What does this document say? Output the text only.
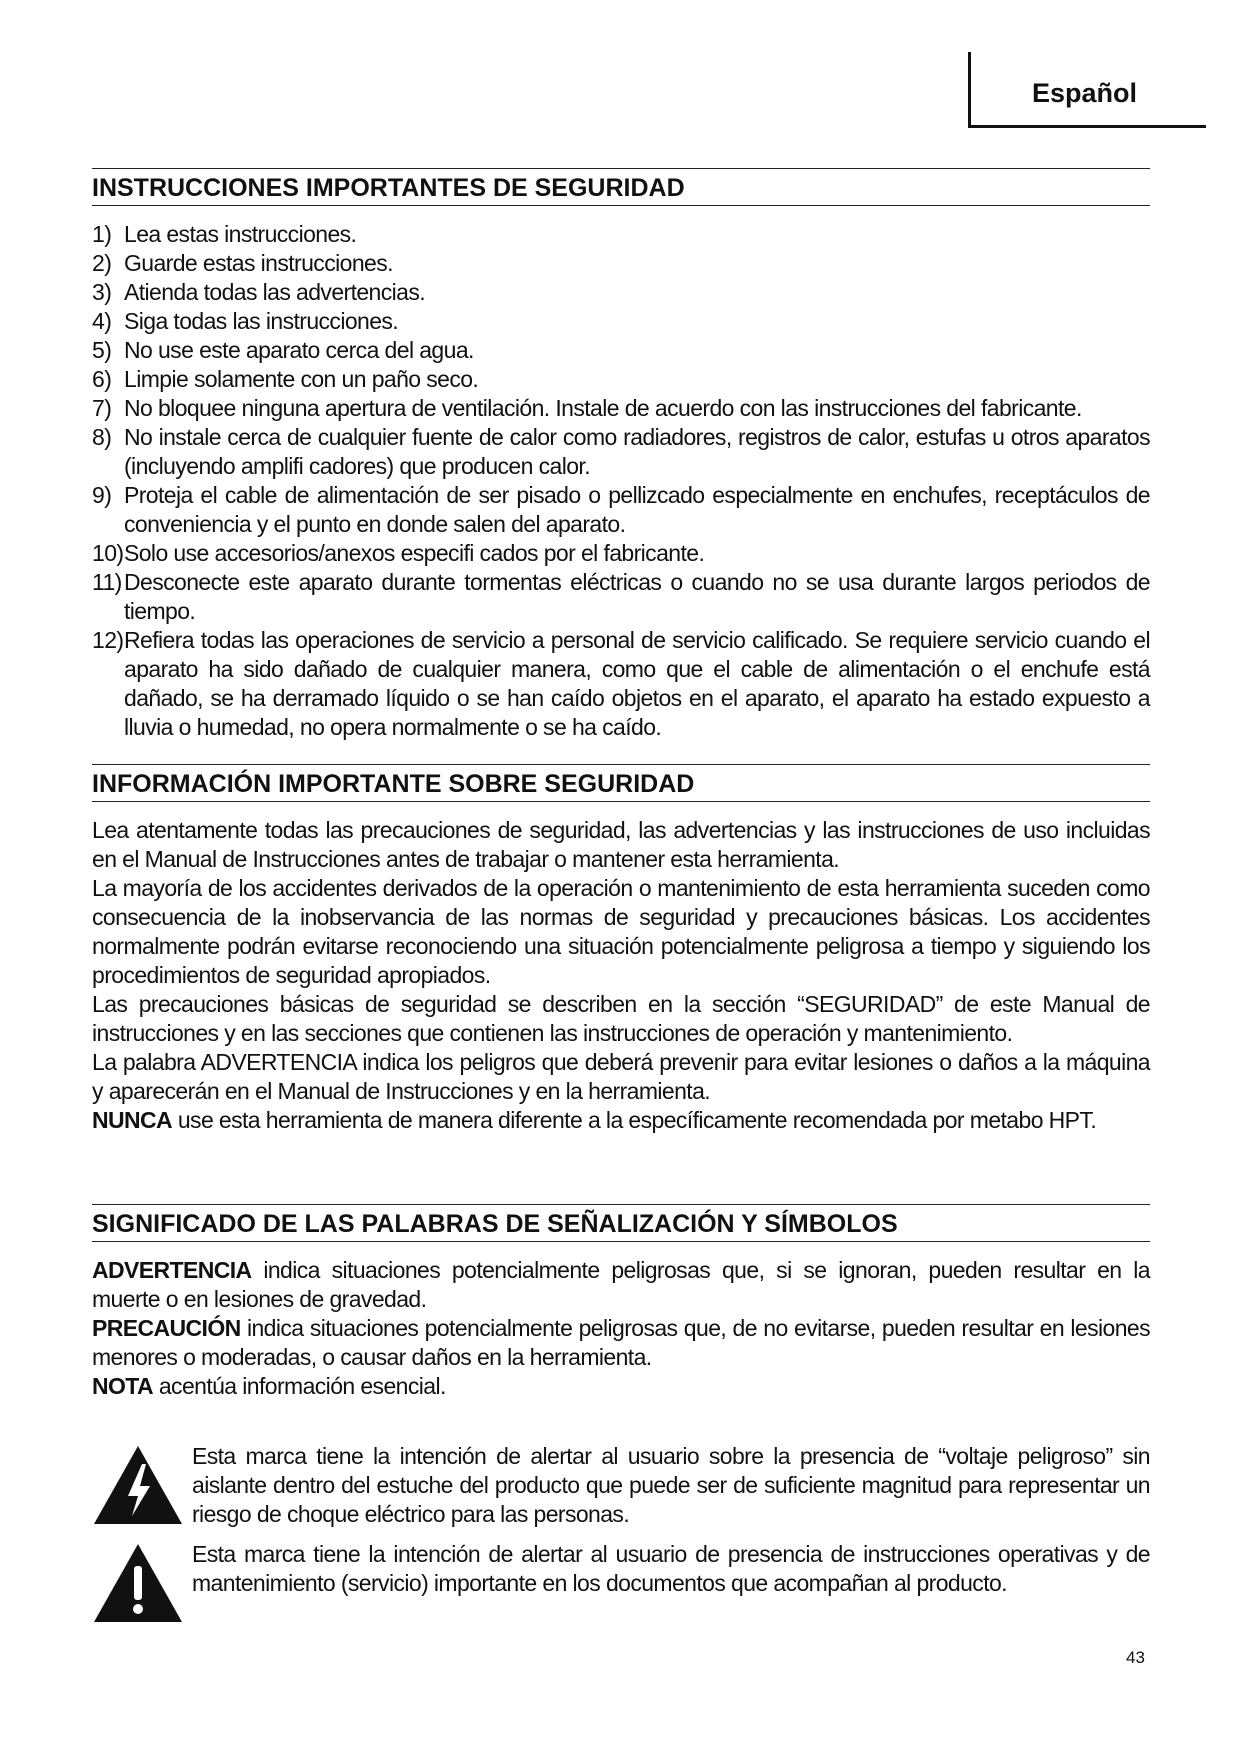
Español
INSTRUCCIONES IMPORTANTES DE SEGURIDAD
1) Lea estas instrucciones.
2) Guarde estas instrucciones.
3) Atienda todas las advertencias.
4) Siga todas las instrucciones.
5) No use este aparato cerca del agua.
6) Limpie solamente con un paño seco.
7) No bloquee ninguna apertura de ventilación. Instale de acuerdo con las instrucciones del fabricante.
8) No instale cerca de cualquier fuente de calor como radiadores, registros de calor, estufas u otros aparatos (incluyendo amplifi cadores) que producen calor.
9) Proteja el cable de alimentación de ser pisado o pellizcado especialmente en enchufes, receptáculos de conveniencia y el punto en donde salen del aparato.
10) Solo use accesorios/anexos especifi cados por el fabricante.
11) Desconecte este aparato durante tormentas eléctricas o cuando no se usa durante largos periodos de tiempo.
12) Refiera todas las operaciones de servicio a personal de servicio calificado. Se requiere servicio cuando el aparato ha sido dañado de cualquier manera, como que el cable de alimentación o el enchufe está dañado, se ha derramado líquido o se han caído objetos en el aparato, el aparato ha estado expuesto a lluvia o humedad, no opera normalmente o se ha caído.
INFORMACIÓN IMPORTANTE SOBRE SEGURIDAD

Lea atentamente todas las precauciones de seguridad, las advertencias y las instrucciones de uso incluidas en el Manual de Instrucciones antes de trabajar o mantener esta herramienta.

La mayoría de los accidentes derivados de la operación o mantenimiento de esta herramienta suceden como consecuencia de la inobservancia de las normas de seguridad y precauciones básicas. Los accidentes normalmente podrán evitarse reconociendo una situación potencialmente peligrosa a tiempo y siguiendo los procedimientos de seguridad apropiados.

Las precauciones básicas de seguridad se describen en la sección “SEGURIDAD” de este Manual de instrucciones y en las secciones que contienen las instrucciones de operación y mantenimiento.

La palabra ADVERTENCIA indica los peligros que deberá prevenir para evitar lesiones o daños a la máquina y aparecerán en el Manual de Instrucciones y en la herramienta.

NUNCA use esta herramienta de manera diferente a la específicamente recomendada por metabo HPT.

SIGNIFICADO DE LAS PALABRAS DE SEÑALIZACIÓN Y SÍMBOLOS

ADVERTENCIA indica situaciones potencialmente peligrosas que, si se ignoran, pueden resultar en la muerte o en lesiones de gravedad.

PRECAUCIÓN indica situaciones potencialmente peligrosas que, de no evitarse, pueden resultar en lesiones menores o moderadas, o causar daños en la herramienta.

NOTA acentúa información esencial.

Esta marca tiene la intención de alertar al usuario sobre la presencia de “voltaje peligroso” sin aislante dentro del estuche del producto que puede ser de suficiente magnitud para representar un riesgo de choque eléctrico para las personas.
Esta marca tiene la intención de alertar al usuario de presencia de instrucciones operativas y de mantenimiento (servicio) importante en los documentos que acompañan al producto.
43
